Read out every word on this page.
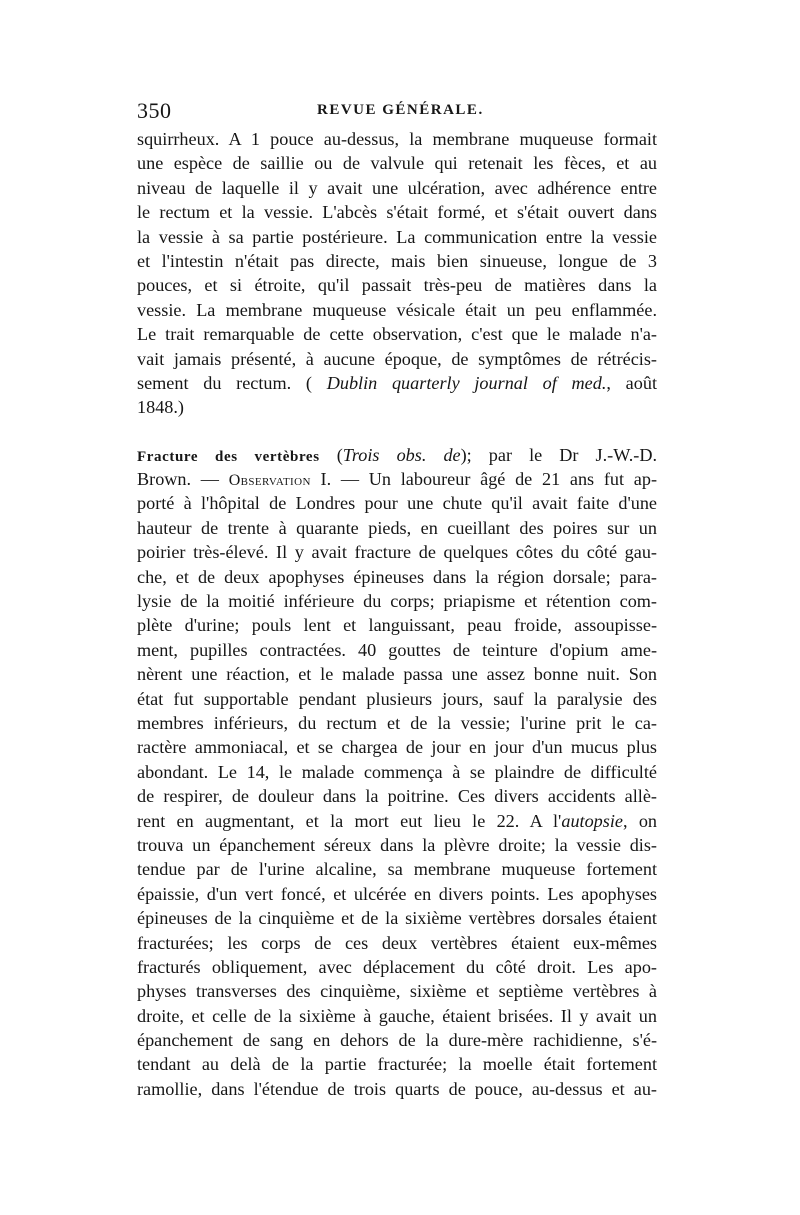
350	REVUE GÉNÉRALE.
squirrheux. A 1 pouce au-dessus, la membrane muqueuse formait
une espèce de saillie ou de valvule qui retenait les fèces, et au
niveau de laquelle il y avait une ulcération, avec adhérence entre
le rectum et la vessie. L'abcès s'était formé, et s'était ouvert dans
la vessie à sa partie postérieure. La communication entre la vessie
et l'intestin n'était pas directe, mais bien sinueuse, longue de 3
pouces, et si étroite, qu'il passait très-peu de matières dans la
vessie. La membrane muqueuse vésicale était un peu enflammée.
Le trait remarquable de cette observation, c'est que le malade n'a-
vait jamais présenté, à aucune époque, de symptômes de rétrécis-
sement du rectum. ( Dublin quarterly journal of med., août
1848.)
Fracture des vertèbres (Trois obs. de); par le Dr J.-W.-D.
Brown. — Observation I. — Un laboureur âgé de 21 ans fut ap-
porté à l'hôpital de Londres pour une chute qu'il avait faite d'une
hauteur de trente à quarante pieds, en cueillant des poires sur un
poirier très-élevé. Il y avait fracture de quelques côtes du côté gau-
che, et de deux apophyses épineuses dans la région dorsale; para-
lysie de la moitié inférieure du corps; priapisme et rétention com-
plète d'urine; pouls lent et languissant, peau froide, assoupisse-
ment, pupilles contractées. 40 gouttes de teinture d'opium ame-
nèrent une réaction, et le malade passa une assez bonne nuit. Son
état fut supportable pendant plusieurs jours, sauf la paralysie des
membres inférieurs, du rectum et de la vessie; l'urine prit le ca-
ractère ammoniacal, et se chargea de jour en jour d'un mucus plus
abondant. Le 14, le malade commença à se plaindre de difficulté
de respirer, de douleur dans la poitrine. Ces divers accidents allè-
rent en augmentant, et la mort eut lieu le 22. A l'autopsie, on
trouva un épanchement séreux dans la plèvre droite; la vessie dis-
tendue par de l'urine alcaline, sa membrane muqueuse fortement
épaissie, d'un vert foncé, et ulcérée en divers points. Les apophyses
épineuses de la cinquième et de la sixième vertèbres dorsales étaient
fracturées; les corps de ces deux vertèbres étaient eux-mêmes
fracturés obliquement, avec déplacement du côté droit. Les apo-
physes transverses des cinquième, sixième et septième vertèbres à
droite, et celle de la sixième à gauche, étaient brisées. Il y avait un
épanchement de sang en dehors de la dure-mère rachidienne, s'é-
tendant au delà de la partie fracturée; la moelle était fortement
ramollie, dans l'étendue de trois quarts de pouce, au-dessus et au-
